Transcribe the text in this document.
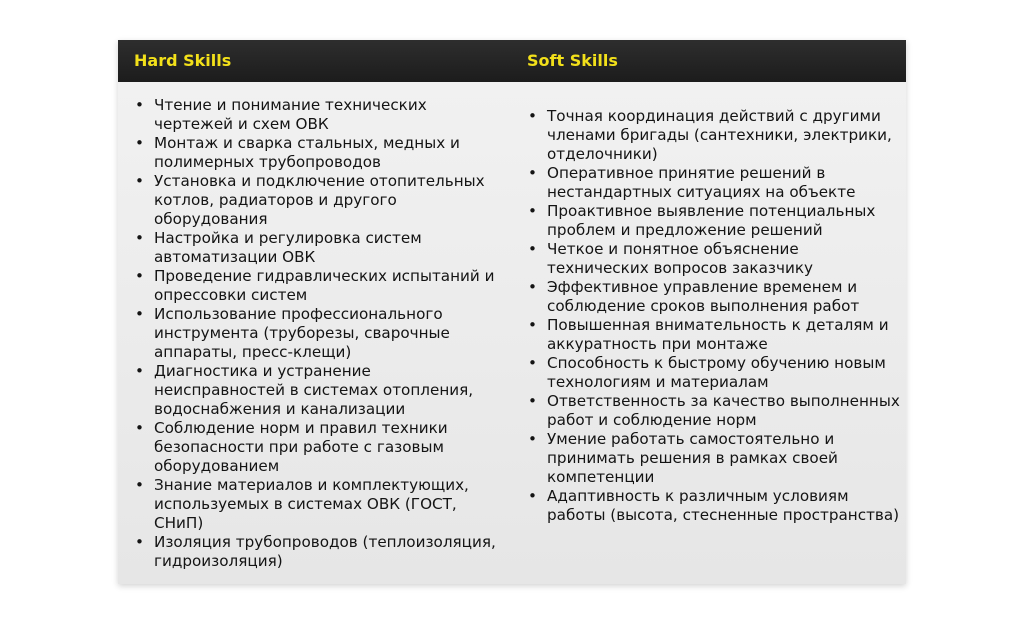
Hard Skills	Soft Skills
• Чтение и понимание технических чертежей и схем ОВК
• Монтаж и сварка стальных, медных и полимерных трубопроводов
• Установка и подключение отопительных котлов, радиаторов и другого оборудования
• Настройка и регулировка систем автоматизации ОВК
• Проведение гидравлических испытаний и опрессовки систем
• Использование профессионального инструмента (труборезы, сварочные аппараты, пресс-клещи)
• Диагностика и устранение неисправностей в системах отопления, водоснабжения и канализации
• Соблюдение норм и правил техники безопасности при работе с газовым оборудованием
• Знание материалов и комплектующих, используемых в системах ОВК (ГОСТ, СНиП)
• Изоляция трубопроводов (теплоизоляция, гидроизоляция)
• Точная координация действий с другими членами бригады (сантехники, электрики, отделочники)
• Оперативное принятие решений в нестандартных ситуациях на объекте
• Проактивное выявление потенциальных проблем и предложение решений
• Четкое и понятное объяснение технических вопросов заказчику
• Эффективное управление временем и соблюдение сроков выполнения работ
• Повышенная внимательность к деталям и аккуратность при монтаже
• Способность к быстрому обучению новым технологиям и материалам
• Ответственность за качество выполненных работ и соблюдение норм
• Умение работать самостоятельно и принимать решения в рамках своей компетенции
• Адаптивность к различным условиям работы (высота, стесненные пространства)
